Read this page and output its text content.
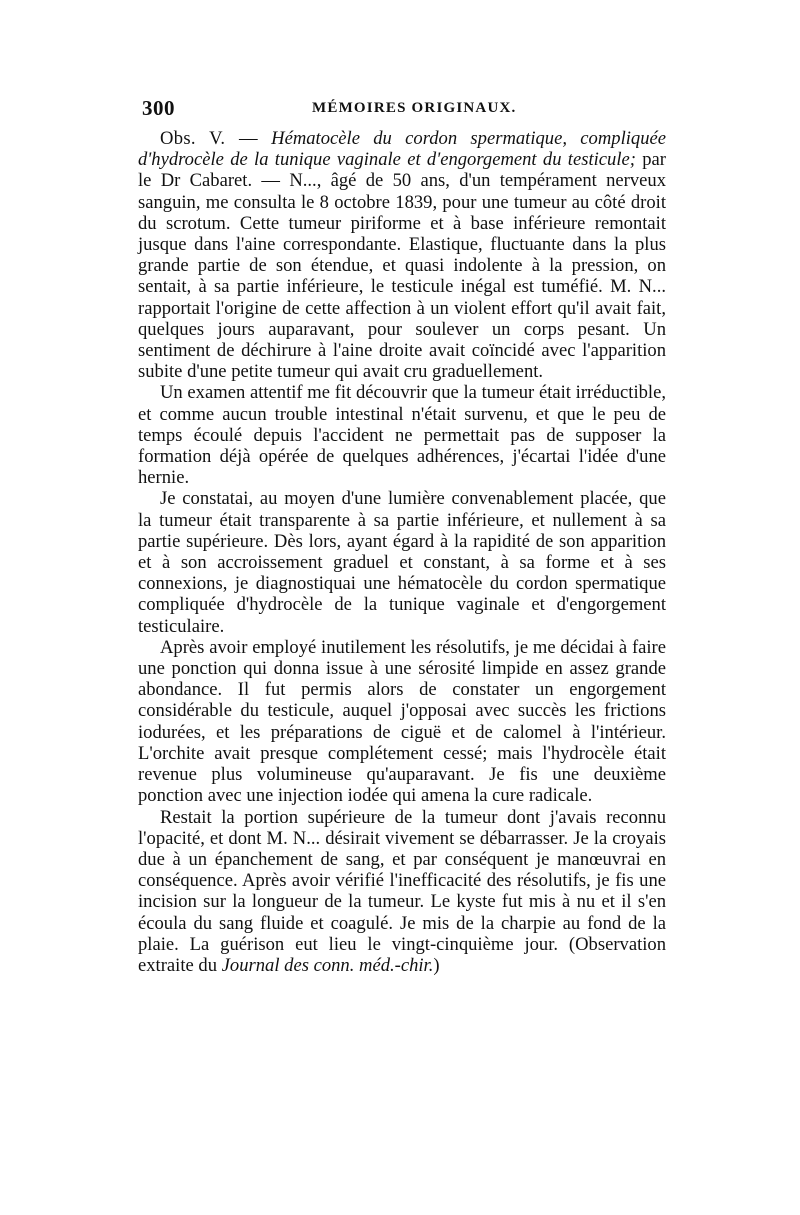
300	MÉMOIRES ORIGINAUX.

Obs. V. — Hématocèle du cordon spermatique, compliquée d'hydrocèle de la tunique vaginale et d'engorgement du testicule; par le Dr Cabaret. — N..., âgé de 50 ans, d'un tempérament nerveux sanguin, me consulta le 8 octobre 1839, pour une tumeur au côté droit du scrotum. Cette tumeur piriforme et à base inférieure remontait jusque dans l'aine correspondante. Elastique, fluctuante dans la plus grande partie de son étendue, et quasi indolente à la pression, on sentait, à sa partie inférieure, le testicule inégal est tuméfié. M. N... rapportait l'origine de cette affection à un violent effort qu'il avait fait, quelques jours auparavant, pour soulever un corps pesant. Un sentiment de déchirure à l'aine droite avait coïncidé avec l'apparition subite d'une petite tumeur qui avait cru graduellement.

Un examen attentif me fit découvrir que la tumeur était irréductible, et comme aucun trouble intestinal n'était survenu, et que le peu de temps écoulé depuis l'accident ne permettait pas de supposer la formation déjà opérée de quelques adhérences, j'écartai l'idée d'une hernie.

Je constatai, au moyen d'une lumière convenablement placée, que la tumeur était transparente à sa partie inférieure, et nullement à sa partie supérieure. Dès lors, ayant égard à la rapidité de son apparition et à son accroissement graduel et constant, à sa forme et à ses connexions, je diagnostiquai une hématocèle du cordon spermatique compliquée d'hydrocèle de la tunique vaginale et d'engorgement testiculaire.

Après avoir employé inutilement les résolutifs, je me décidai à faire une ponction qui donna issue à une sérosité limpide en assez grande abondance. Il fut permis alors de constater un engorgement considérable du testicule, auquel j'opposai avec succès les frictions iodurées, et les préparations de ciguë et de calomel à l'intérieur. L'orchite avait presque complétement cessé; mais l'hydrocèle était revenue plus volumineuse qu'auparavant. Je fis une deuxième ponction avec une injection iodée qui amena la cure radicale.

Restait la portion supérieure de la tumeur dont j'avais reconnu l'opacité, et dont M. N... désirait vivement se débarrasser. Je la croyais due à un épanchement de sang, et par conséquent je manœuvrai en conséquence. Après avoir vérifié l'inefficacité des résolutifs, je fis une incision sur la longueur de la tumeur. Le kyste fut mis à nu et il s'en écoula du sang fluide et coagulé. Je mis de la charpie au fond de la plaie. La guérison eut lieu le vingt-cinquième jour. (Observation extraite du Journal des conn. méd.-chir.)
